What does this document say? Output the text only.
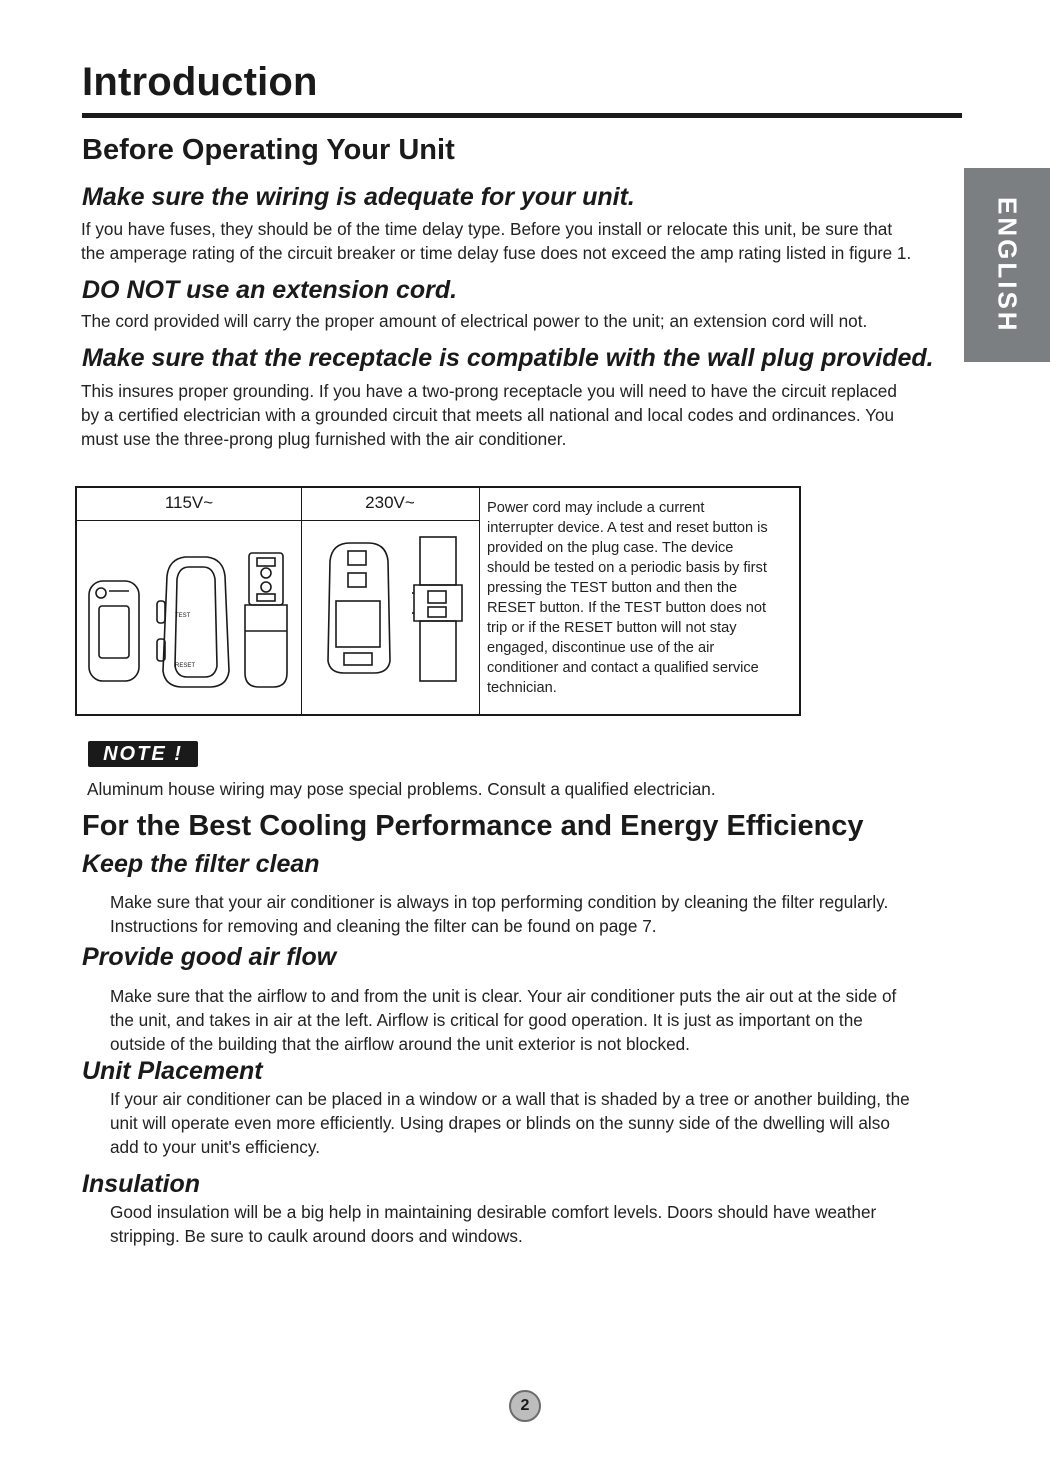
Introduction
ENGLISH
Before Operating Your Unit
Make sure the wiring is adequate for your unit.

If you have fuses, they should be of the time delay type. Before you install or relocate this unit, be sure that

the amperage rating of the circuit breaker or time delay fuse does not exceed the amp rating listed in figure 1.

DO NOT use an extension cord.

The cord provided will carry the proper amount of electrical power to the unit; an extension cord will not.

Make sure that the receptacle is compatible with the wall plug provided.

This insures proper grounding. If you have a two-prong receptacle you will need to have the circuit replaced

by a certified electrician with a grounded circuit that meets all national and local codes and ordinances. You

must use the three-prong plug furnished with the air conditioner.

115V~	230V~
TEST
RESET
Power cord may include a current
interrupter device. A test and reset button is
provided on the plug case. The device
should be tested on a periodic basis by first
pressing the TEST button and then the
RESET button. If the TEST button does not
trip or if the RESET button will not stay
engaged, discontinue use of the air
conditioner and contact a qualified service
technician.
NOTE !

Aluminum house wiring may pose special problems. Consult a qualified electrician.

For the Best Cooling Performance and Energy Efficiency
Keep the filter clean

Make sure that your air conditioner is always in top performing condition by cleaning the filter regularly.

Instructions for removing and cleaning the filter can be found on page 7.

Provide good air flow

Make sure that the airflow to and from the unit is clear. Your air conditioner puts the air out at the side of

the unit, and takes in air at the left. Airflow is critical for good operation. It is just as important on the

outside of the building that the airflow around the unit exterior is not blocked.

Unit Placement

If your air conditioner can be placed in a window or a wall that is shaded by a tree or another building, the

unit will operate even more efficiently. Using drapes or blinds on the sunny side of the dwelling will also

add to your unit's efficiency.

Insulation

Good insulation will be a big help in maintaining desirable comfort levels. Doors should have weather

stripping. Be sure to caulk around doors and windows.

2
